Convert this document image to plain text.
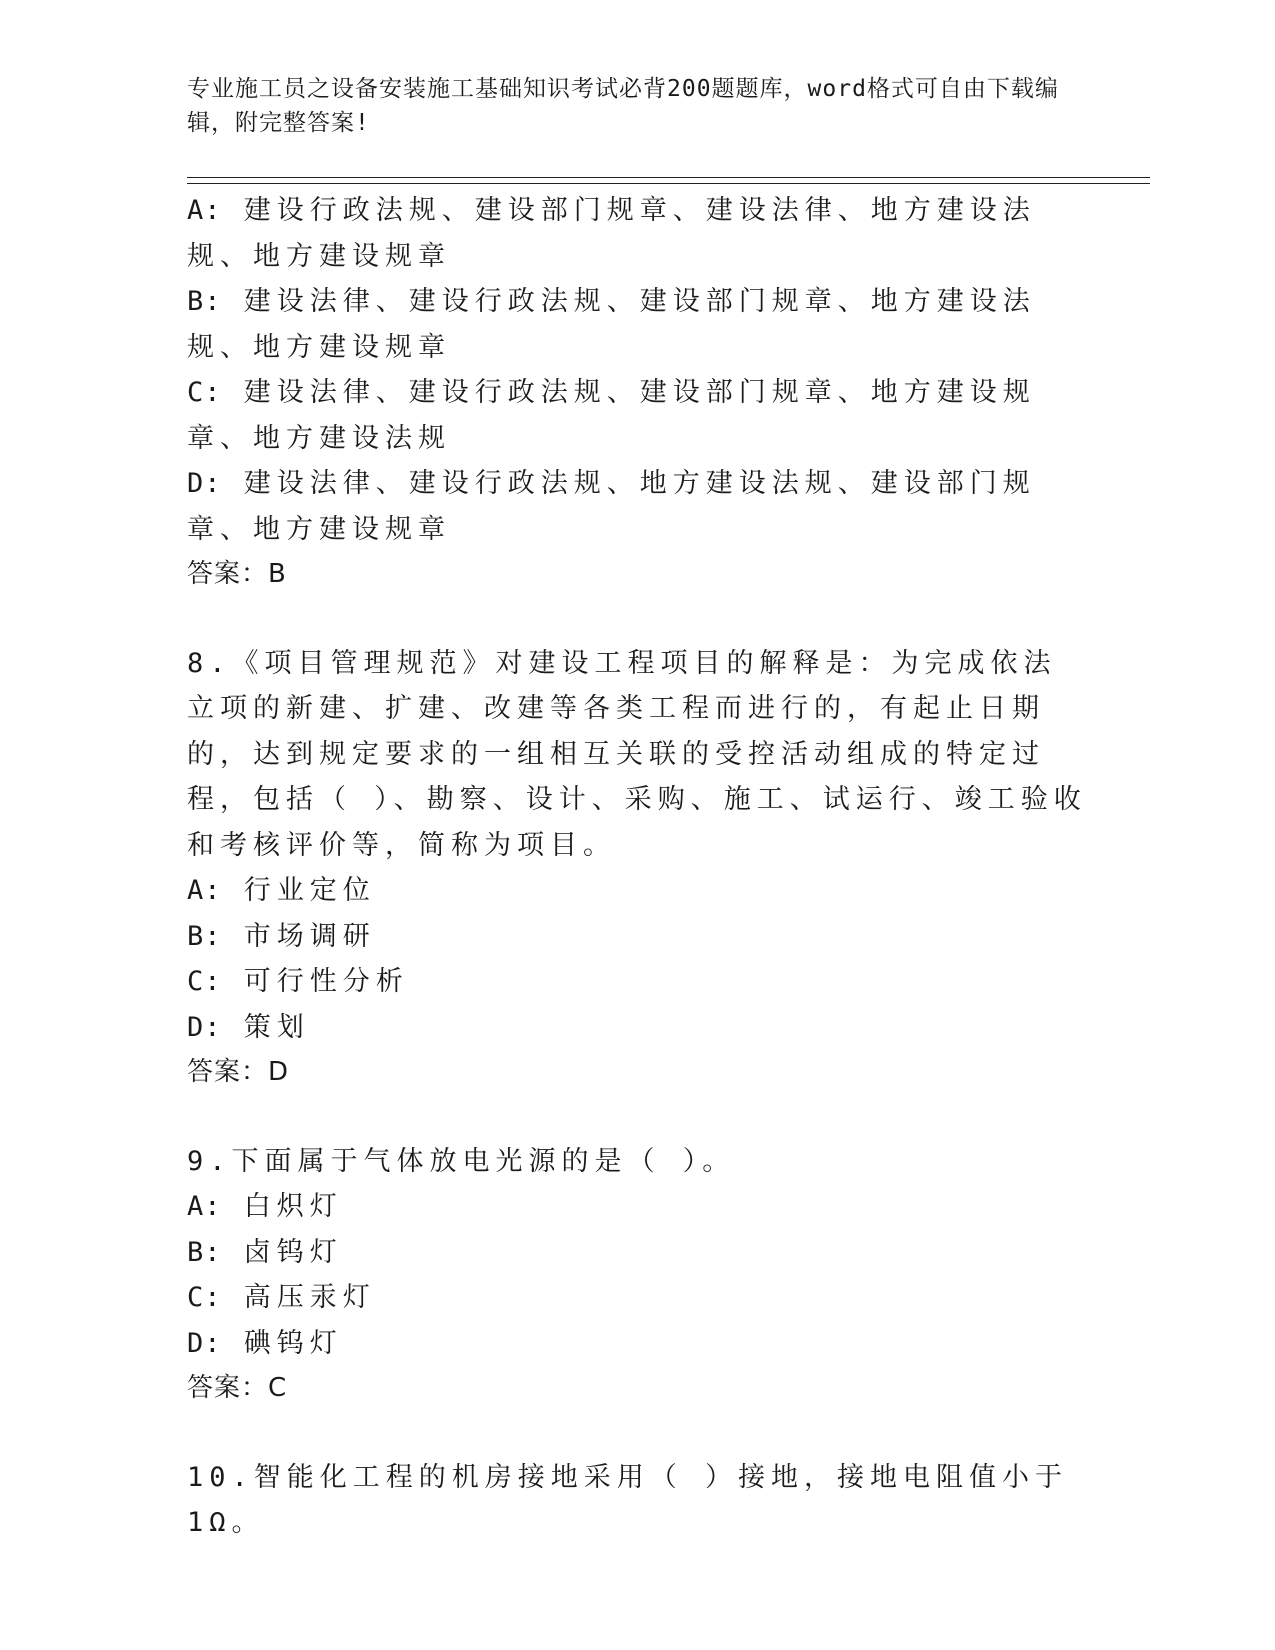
专业施工员之设备安装施工基础知识考试必背200题题库，word格式可自由下载编辑，附完整答案!
A: 建设行政法规、建设部门规章、建设法律、地方建设法规、地方建设规章
B: 建设法律、建设行政法规、建设部门规章、地方建设法规、地方建设规章
C: 建设法律、建设行政法规、建设部门规章、地方建设规章、地方建设法规
D: 建设法律、建设行政法规、地方建设法规、建设部门规章、地方建设规章
答案：B
8.《项目管理规范》对建设工程项目的解释是：为完成依法立项的新建、扩建、改建等各类工程而进行的，有起止日期的，达到规定要求的一组相互关联的受控活动组成的特定过程，包括（ ）、勘察、设计、采购、施工、试运行、竣工验收和考核评价等，简称为项目。
A: 行业定位
B: 市场调研
C: 可行性分析
D: 策划
答案：D
9.下面属于气体放电光源的是（ ）。
A: 白炽灯
B: 卤钨灯
C: 高压汞灯
D: 碘钨灯
答案：C
10.智能化工程的机房接地采用（ ）接地，接地电阻值小于1Ω。
